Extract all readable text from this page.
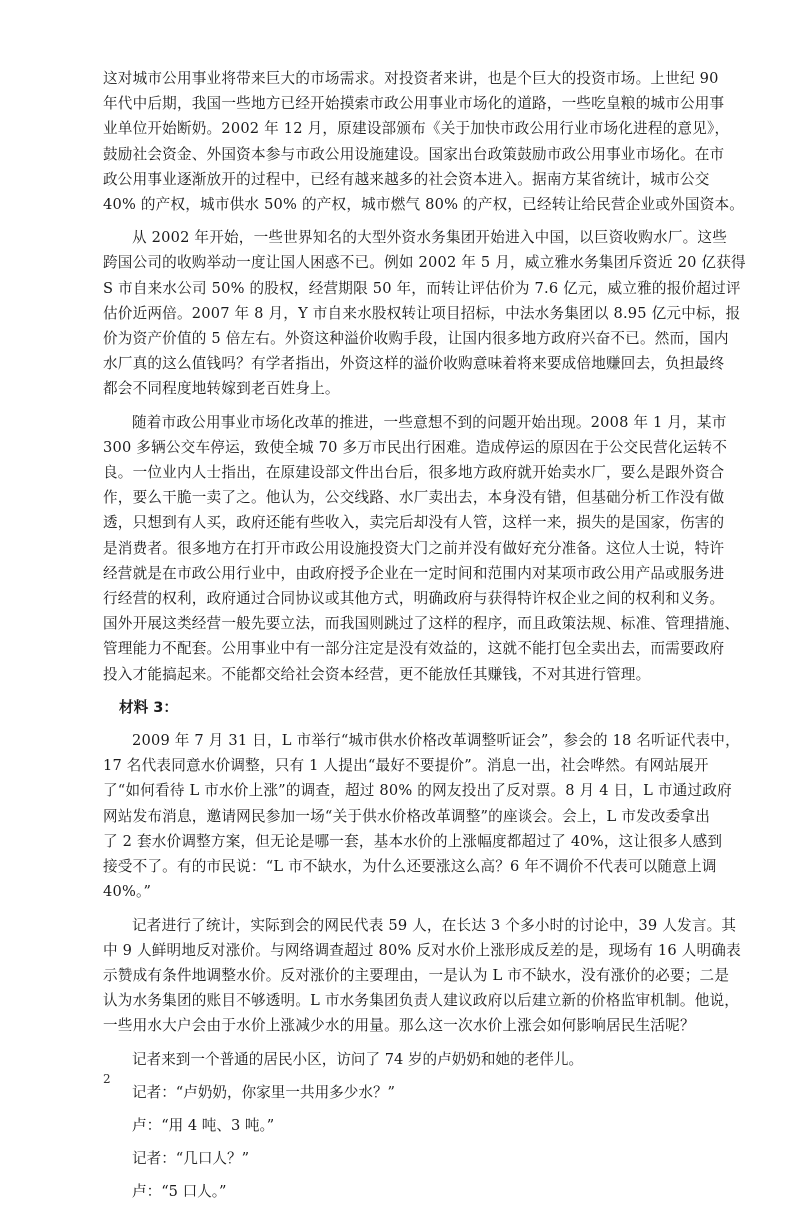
这对城市公用事业将带来巨大的市场需求。对投资者来讲，也是个巨大的投资市场。上世纪 90
年代中后期，我国一些地方已经开始摸索市政公用事业市场化的道路，一些吃皇粮的城市公用事
业单位开始断奶。2002 年 12 月，原建设部颁布《关于加快市政公用行业市场化进程的意见》，
鼓励社会资金、外国资本参与市政公用设施建设。国家出台政策鼓励市政公用事业市场化。在市
政公用事业逐渐放开的过程中，已经有越来越多的社会资本进入。据南方某省统计，城市公交
40% 的产权，城市供水 50% 的产权，城市燃气 80% 的产权，已经转让给民营企业或外国资本。
从 2002 年开始，一些世界知名的大型外资水务集团开始进入中国，以巨资收购水厂。这些
跨国公司的收购举动一度让国人困惑不已。例如 2002 年 5 月，威立雅水务集团斥资近 20 亿获得
S 市自来水公司 50% 的股权，经营期限 50 年，而转让评估价为 7.6 亿元，威立雅的报价超过评
估价近两倍。2007 年 8 月，Y 市自来水股权转让项目招标，中法水务集团以 8.95 亿元中标，报
价为资产价值的 5 倍左右。外资这种溢价收购手段，让国内很多地方政府兴奋不已。然而，国内
水厂真的这么值钱吗？有学者指出，外资这样的溢价收购意味着将来要成倍地赚回去，负担最终
都会不同程度地转嫁到老百姓身上。
随着市政公用事业市场化改革的推进，一些意想不到的问题开始出现。2008 年 1 月，某市
300 多辆公交车停运，致使全城 70 多万市民出行困难。造成停运的原因在于公交民营化运转不
良。一位业内人士指出，在原建设部文件出台后，很多地方政府就开始卖水厂，要么是跟外资合
作，要么干脆一卖了之。他认为，公交线路、水厂卖出去，本身没有错，但基础分析工作没有做
透，只想到有人买，政府还能有些收入，卖完后却没有人管，这样一来，损失的是国家，伤害的
是消费者。很多地方在打开市政公用设施投资大门之前并没有做好充分准备。这位人士说，特许
经营就是在市政公用行业中，由政府授予企业在一定时间和范围内对某项市政公用产品或服务进
行经营的权利，政府通过合同协议或其他方式，明确政府与获得特许权企业之间的权利和义务。
国外开展这类经营一般先要立法，而我国则跳过了这样的程序，而且政策法规、标准、管理措施、
管理能力不配套。公用事业中有一部分注定是没有效益的，这就不能打包全卖出去，而需要政府
投入才能搞起来。不能都交给社会资本经营，更不能放任其赚钱，不对其进行管理。
材料 3：
2009 年 7 月 31 日，L 市举行“城市供水价格改革调整听证会”，参会的 18 名听证代表中，
17 名代表同意水价调整，只有 1 人提出“最好不要提价”。消息一出，社会哗然。有网站展开
了“如何看待 L 市水价上涨”的调查，超过 80% 的网友投出了反对票。8 月 4 日，L 市通过政府
网站发布消息，邀请网民参加一场“关于供水价格改革调整”的座谈会。会上，L 市发改委拿出
了 2 套水价调整方案，但无论是哪一套，基本水价的上涨幅度都超过了 40%，这让很多人感到
接受不了。有的市民说：“L 市不缺水，为什么还要涨这么高？6 年不调价不代表可以随意上调
40%。”
记者进行了统计，实际到会的网民代表 59 人，在长达 3 个多小时的讨论中，39 人发言。其
中 9 人鲜明地反对涨价。与网络调查超过 80% 反对水价上涨形成反差的是，现场有 16 人明确表
示赞成有条件地调整水价。反对涨价的主要理由，一是认为 L 市不缺水，没有涨价的必要；二是
认为水务集团的账目不够透明。L 市水务集团负责人建议政府以后建立新的价格监审机制。他说，
一些用水大户会由于水价上涨减少水的用量。那么这一次水价上涨会如何影响居民生活呢？
记者来到一个普通的居民小区，访问了 74 岁的卢奶奶和她的老伴儿。
记者：“卢奶奶，你家里一共用多少水？”
卢：“用 4 吨、3 吨。”
记者：“几口人？”
卢：“5 口人。”
2
